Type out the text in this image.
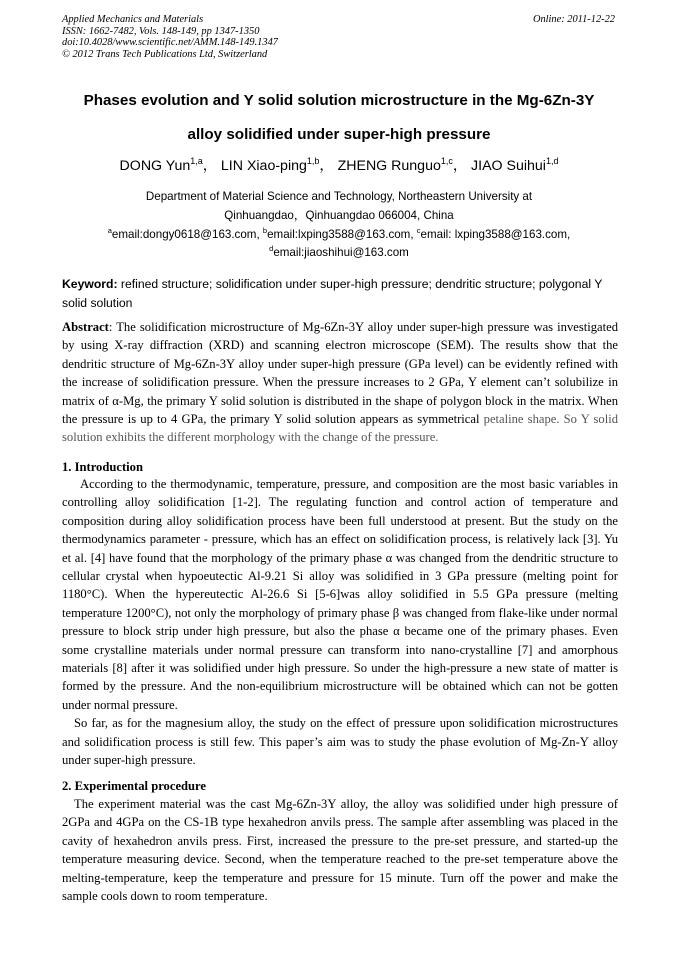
Applied Mechanics and Materials
ISSN: 1662-7482, Vols. 148-149, pp 1347-1350
doi:10.4028/www.scientific.net/AMM.148-149.1347
© 2012 Trans Tech Publications Ltd, Switzerland
Online: 2011-12-22
Phases evolution and Y solid solution microstructure in the Mg-6Zn-3Y
alloy solidified under super-high pressure
DONG Yun$^{1,a}$， LIN Xiao-ping$^{1,b}$， ZHENG Runguo$^{1,c}$， JIAO Suihui$^{1,d}$
Department of Material Science and Technology, Northeastern University at
Qinhuangdao，Qinhuangdao 066004, China
$^a$email:dongy0618@163.com, $^b$email:lxping3588@163.com, $^c$email: lxping3588@163.com,
$^d$email:jiaoshihui@163.com
Keyword: refined structure; solidification under super-high pressure; dendritic structure; polygonal Y solid solution

Abstract: The solidification microstructure of Mg-6Zn-3Y alloy under super-high pressure was investigated by using X-ray diffraction (XRD) and scanning electron microscope (SEM). The results show that the dendritic structure of Mg-6Zn-3Y alloy under super-high pressure (GPa level) can be evidently refined with the increase of solidification pressure. When the pressure increases to 2 GPa, Y element can’t solubilize in matrix of α-Mg, the primary Y solid solution is distributed in the shape of polygon block in the matrix. When the pressure is up to 4 GPa, the primary Y solid solution appears as symmetrical petaline shape. So Y solid solution exhibits the different morphology with the change of the pressure.

1. Introduction

According to the thermodynamic, temperature, pressure, and composition are the most basic variables in controlling alloy solidification [1-2]. The regulating function and control action of temperature and composition during alloy solidification process have been full understood at present. But the study on the thermodynamics parameter - pressure, which has an effect on solidification process, is relatively lack [3]. Yu et al. [4] have found that the morphology of the primary phase α was changed from the dendritic structure to cellular crystal when hypoeutectic Al-9.21 Si alloy was solidified in 3 GPa pressure (melting point for 1180°C). When the hypereutectic Al-26.6 Si [5-6]was alloy solidified in 5.5 GPa pressure (melting temperature 1200°C), not only the morphology of primary phase β was changed from flake-like under normal pressure to block strip under high pressure, but also the phase α became one of the primary phases. Even some crystalline materials under normal pressure can transform into nano-crystalline [7] and amorphous materials [8] after it was solidified under high pressure. So under the high-pressure a new state of matter is formed by the pressure. And the non-equilibrium microstructure will be obtained which can not be gotten under normal pressure.

So far, as for the magnesium alloy, the study on the effect of pressure upon solidification microstructures and solidification process is still few. This paper’s aim was to study the phase evolution of Mg-Zn-Y alloy under super-high pressure.

2. Experimental procedure

The experiment material was the cast Mg-6Zn-3Y alloy, the alloy was solidified under high pressure of 2GPa and 4GPa on the CS-1B type hexahedron anvils press. The sample after assembling was placed in the cavity of hexahedron anvils press. First, increased the pressure to the pre-set pressure, and started-up the temperature measuring device. Second, when the temperature reached to the pre-set temperature above the melting-temperature, keep the temperature and pressure for 15 minute. Turn off the power and make the sample cools down to room temperature.
